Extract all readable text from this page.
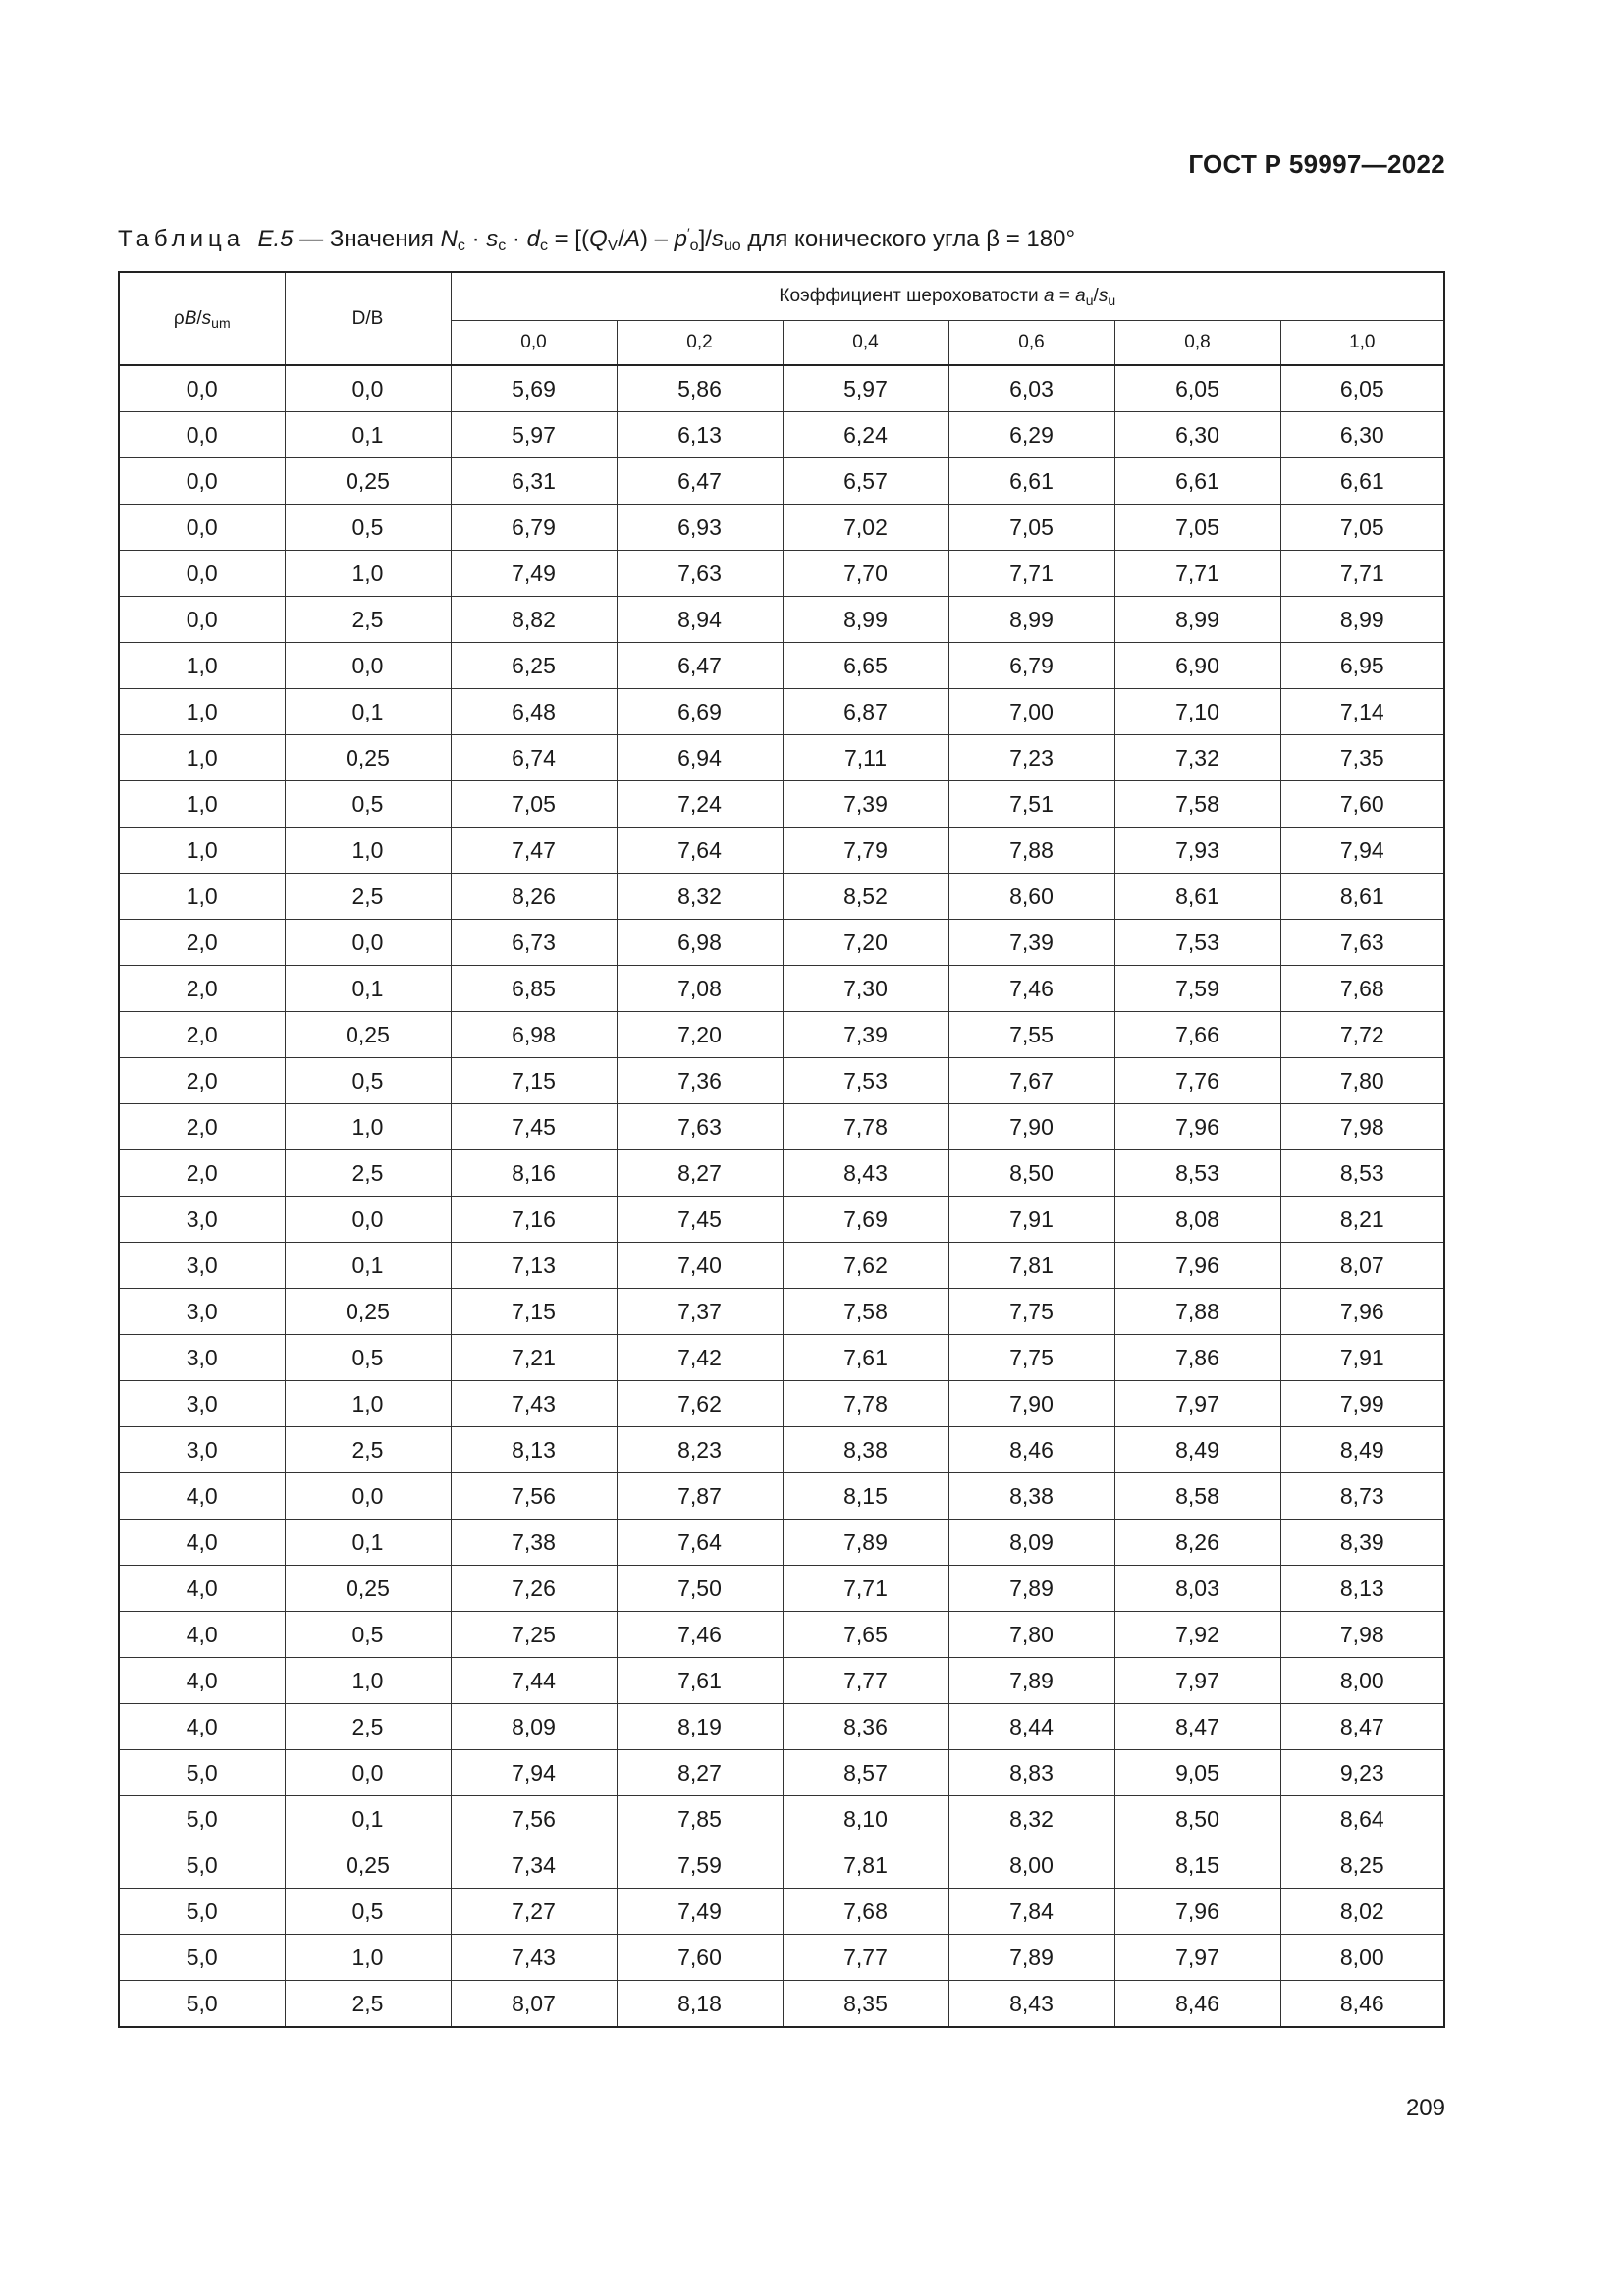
ГОСТ Р 59997—2022
Таблица E.5 — Значения $N_c \cdot s_c \cdot d_c = [(Q_V/A) - p'_o]/s_{uo}$ для конического угла β = 180°
$\rho B/s_{um}$	D/B	Коэффициент шероховатости $a = a_u/s_u$
		0,0	0,2	0,4	0,6	0,8	1,0
0,0	0,0	5,69	5,86	5,97	6,03	6,05	6,05
0,0	0,1	5,97	6,13	6,24	6,29	6,30	6,30
0,0	0,25	6,31	6,47	6,57	6,61	6,61	6,61
0,0	0,5	6,79	6,93	7,02	7,05	7,05	7,05
0,0	1,0	7,49	7,63	7,70	7,71	7,71	7,71
0,0	2,5	8,82	8,94	8,99	8,99	8,99	8,99
1,0	0,0	6,25	6,47	6,65	6,79	6,90	6,95
1,0	0,1	6,48	6,69	6,87	7,00	7,10	7,14
1,0	0,25	6,74	6,94	7,11	7,23	7,32	7,35
1,0	0,5	7,05	7,24	7,39	7,51	7,58	7,60
1,0	1,0	7,47	7,64	7,79	7,88	7,93	7,94
1,0	2,5	8,26	8,32	8,52	8,60	8,61	8,61
2,0	0,0	6,73	6,98	7,20	7,39	7,53	7,63
2,0	0,1	6,85	7,08	7,30	7,46	7,59	7,68
2,0	0,25	6,98	7,20	7,39	7,55	7,66	7,72
2,0	0,5	7,15	7,36	7,53	7,67	7,76	7,80
2,0	1,0	7,45	7,63	7,78	7,90	7,96	7,98
2,0	2,5	8,16	8,27	8,43	8,50	8,53	8,53
3,0	0,0	7,16	7,45	7,69	7,91	8,08	8,21
3,0	0,1	7,13	7,40	7,62	7,81	7,96	8,07
3,0	0,25	7,15	7,37	7,58	7,75	7,88	7,96
3,0	0,5	7,21	7,42	7,61	7,75	7,86	7,91
3,0	1,0	7,43	7,62	7,78	7,90	7,97	7,99
3,0	2,5	8,13	8,23	8,38	8,46	8,49	8,49
4,0	0,0	7,56	7,87	8,15	8,38	8,58	8,73
4,0	0,1	7,38	7,64	7,89	8,09	8,26	8,39
4,0	0,25	7,26	7,50	7,71	7,89	8,03	8,13
4,0	0,5	7,25	7,46	7,65	7,80	7,92	7,98
4,0	1,0	7,44	7,61	7,77	7,89	7,97	8,00
4,0	2,5	8,09	8,19	8,36	8,44	8,47	8,47
5,0	0,0	7,94	8,27	8,57	8,83	9,05	9,23
5,0	0,1	7,56	7,85	8,10	8,32	8,50	8,64
5,0	0,25	7,34	7,59	7,81	8,00	8,15	8,25
5,0	0,5	7,27	7,49	7,68	7,84	7,96	8,02
5,0	1,0	7,43	7,60	7,77	7,89	7,97	8,00
5,0	2,5	8,07	8,18	8,35	8,43	8,46	8,46
209
